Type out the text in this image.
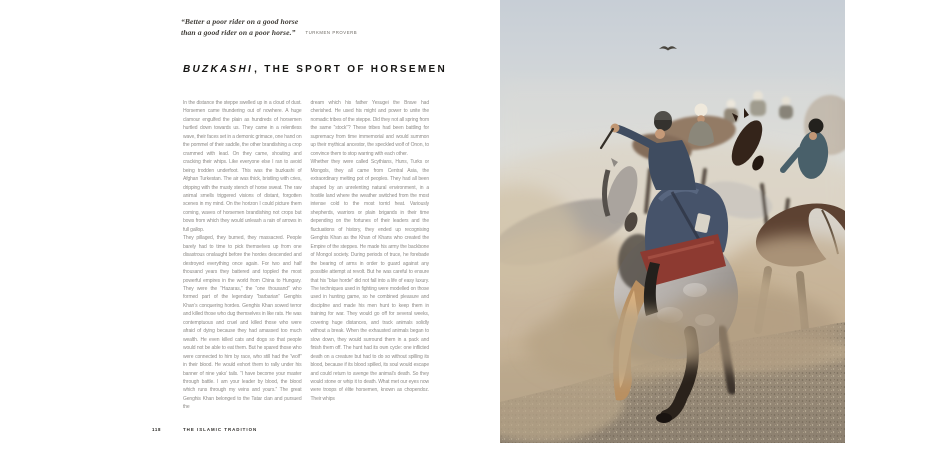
“Better a poor rider on a good horse

than a good rider on a poor horse.” TURKMEN PROVERB

BUZKASHI, THE SPORT OF HORSEMEN

In the distance the steppe swelled up in a cloud of dust. Horsemen came thundering out of nowhere. A huge clamour engulfed the plain as hundreds of horsemen hurtled down towards us. They came in a relentless wave, their faces set in a demonic grimace, one hand on the pommel of their saddle, the other brandishing a crop crammed with lead. On they came, shouting and cracking their whips. Like everyone else I ran to avoid being trodden underfoot. This was the buzkashi of Afghan Turkestan. The air was thick, bristling with cries, dripping with the musty stench of horse sweat. The raw animal smells triggered visions of distant, forgotten scenes in my mind. On the horizon I could picture them coming, waves of horsemen brandishing not crops but bows from which they would unleash a rain of arrows in full gallop.

They pillaged, they burned, they massacred. People barely had to time to pick themselves up from one disastrous onslaught before the hordes descended and destroyed everything once again. For two and half thousand years they battered and toppled the most powerful empires in the world from China to Hungary. They were the “Hazaras,” the “one thousand” who formed part of the legendary “barbarian” Genghis Khan’s conquering hordes. Genghis Khan sowed terror and killed those who dug themselves in like rats. He was contemptuous and cruel and killed those who were afraid of dying because they had amassed too much wealth. He even killed cats and dogs so that people would not be able to eat them. But he spared those who were connected to him by race, who still had the “wolf” in their blood. He would exhort them to rally under his banner of nine yaks’ tails. “I have become your master through battle. I am your leader by blood, the blood which runs through my veins and yours.” The great Genghis Khan belonged to the Tatar clan and pursued the

dream which his father Yesugei the Brave had cherished. He used his might and power to unite the nomadic tribes of the steppe. Did they not all spring from the same “stock”? These tribes had been battling for supremacy from time immemorial and would summon up their mythical ancestor, the speckled wolf of Onon, to convince them to stop warring with each other.

Whether they were called Scythians, Huns, Turks or Mongols, they all came from Central Asia, the extraordinary melting pot of peoples. They had all been shaped by an unrelenting natural environment, in a hostile land where the weather switched from the most intense cold to the most torrid heat. Variously shepherds, warriors or plain brigands in their time depending on the fortunes of their leaders and the fluctuations of history, they ended up recognising Genghis Khan as the Khan of Khans who created the Empire of the steppes. He made his army the backbone of Mongol society. During periods of truce, he forebade the bearing of arms in order to guard against any possible attempt at revolt. But he was careful to ensure that his “blue horde” did not fall into a life of easy luxury. The techniques used in fighting were modelled on those used in hunting game, so he combined pleasure and discipline and made his men hunt to keep them in training for war. They would go off for several weeks, covering huge distances, and track animals solidly without a break. When the exhausted animals began to slow down, they would surround them in a pack and finish them off. The hunt had its own cycle: one inflicted death on a creature but had to do so without spilling its blood, because if its blood spilled, its soul would escape and could return to avenge the animal’s death. So they would stone or whip it to death. What met our eyes now were troops of élite horsemen, known as chopendoz. Their whips

118	THE ISLAMIC TRADITION
